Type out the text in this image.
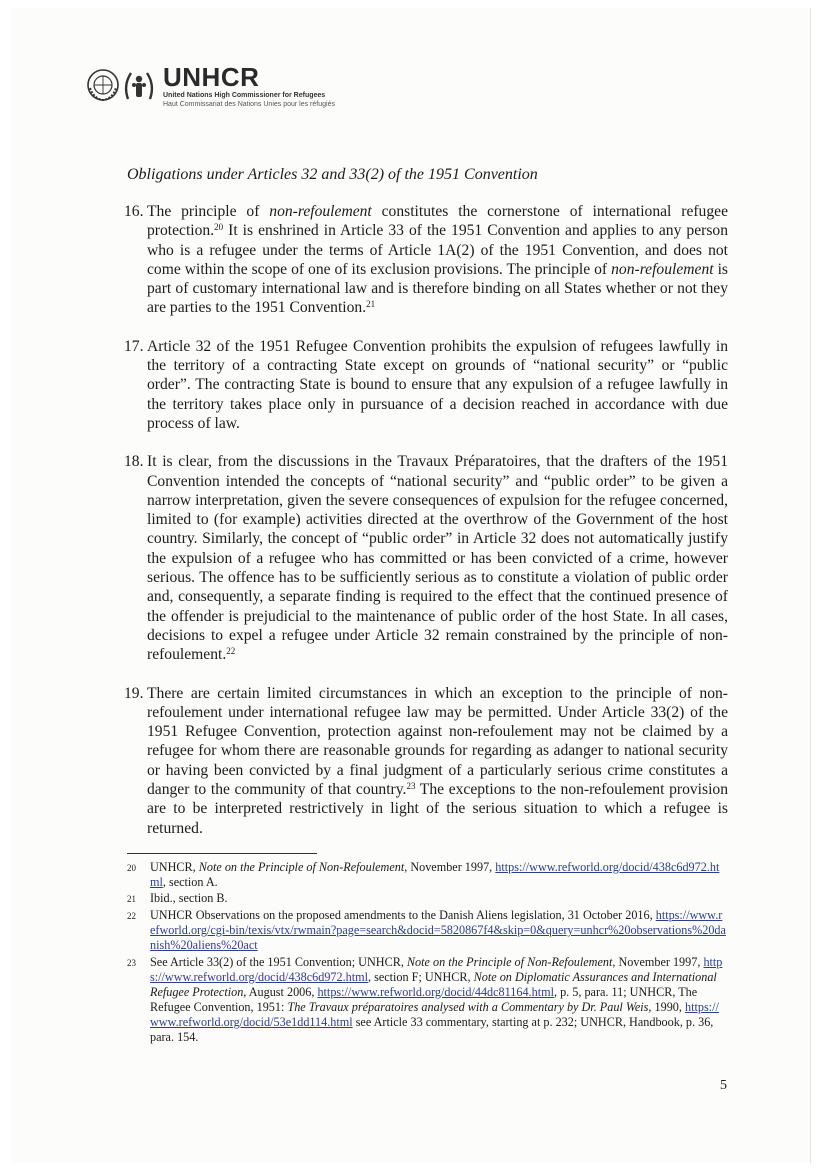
UNHCR
United Nations High Commissioner for Refugees
Haut Commissariat des Nations Unies pour les réfugiés
Obligations under Articles 32 and 33(2) of the 1951 Convention
16. The principle of non-refoulement constitutes the cornerstone of international refugee protection.$^{20}$ It is enshrined in Article 33 of the 1951 Convention and applies to any person who is a refugee under the terms of Article 1A(2) of the 1951 Convention, and does not come within the scope of one of its exclusion provisions. The principle of non-refoulement is part of customary international law and is therefore binding on all States whether or not they are parties to the 1951 Convention.$^{21}$
17. Article 32 of the 1951 Refugee Convention prohibits the expulsion of refugees lawfully in the territory of a contracting State except on grounds of “national security” or “public order”. The contracting State is bound to ensure that any expulsion of a refugee lawfully in the territory takes place only in pursuance of a decision reached in accordance with due process of law.
18. It is clear, from the discussions in the Travaux Préparatoires, that the drafters of the 1951 Convention intended the concepts of “national security” and “public order” to be given a narrow interpretation, given the severe consequences of expulsion for the refugee concerned, limited to (for example) activities directed at the overthrow of the Government of the host country. Similarly, the concept of “public order” in Article 32 does not automatically justify the expulsion of a refugee who has committed or has been convicted of a crime, however serious. The offence has to be sufficiently serious as to constitute a violation of public order and, consequently, a separate finding is required to the effect that the continued presence of the offender is prejudicial to the maintenance of public order of the host State. In all cases, decisions to expel a refugee under Article 32 remain constrained by the principle of non-refoulement.$^{22}$
19. There are certain limited circumstances in which an exception to the principle of non-refoulement under international refugee law may be permitted. Under Article 33(2) of the 1951 Refugee Convention, protection against non-refoulement may not be claimed by a refugee for whom there are reasonable grounds for regarding as adanger to national security or having been convicted by a final judgment of a particularly serious crime constitutes a danger to the community of that country.$^{23}$ The exceptions to the non-refoulement provision are to be interpreted restrictively in light of the serious situation to which a refugee is returned.
20	UNHCR, Note on the Principle of Non-Refoulement, November 1997, https://www.refworld.org/docid/438c6d972.html, section A.
21	Ibid., section B.
22	UNHCR Observations on the proposed amendments to the Danish Aliens legislation, 31 October 2016, https://www.refworld.org/cgi-bin/texis/vtx/rwmain?page=search&docid=5820867f4&skip=0&query=unhcr%20observations%20danish%20aliens%20act
23	See Article 33(2) of the 1951 Convention; UNHCR, Note on the Principle of Non-Refoulement, November 1997, https://www.refworld.org/docid/438c6d972.html, section F; UNHCR, Note on Diplomatic Assurances and International Refugee Protection, August 2006, https://www.refworld.org/docid/44dc81164.html, p. 5, para. 11; UNHCR, The Refugee Convention, 1951: The Travaux préparatoires analysed with a Commentary by Dr. Paul Weis, 1990, https://www.refworld.org/docid/53e1dd114.html see Article 33 commentary, starting at p. 232; UNHCR, Handbook, p. 36, para. 154.
5
